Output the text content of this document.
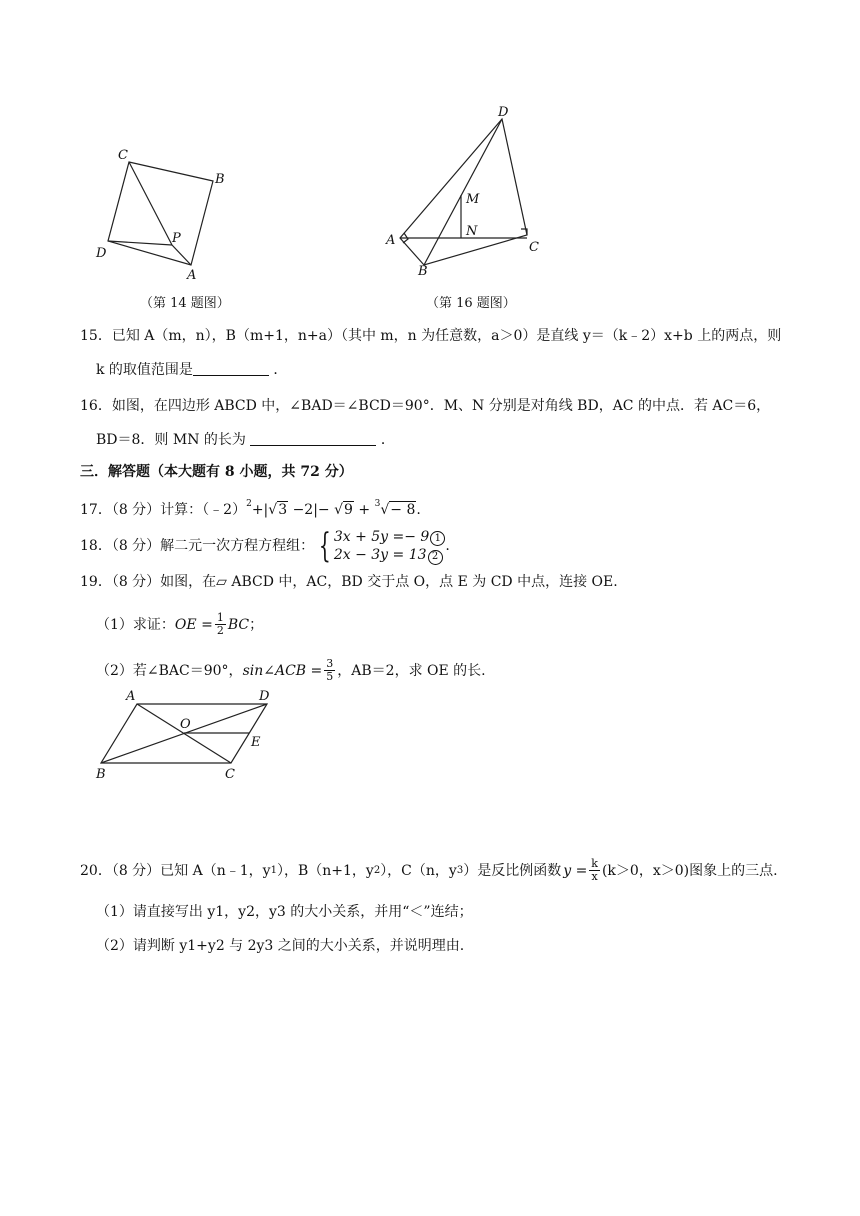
C
B
D
P
A
（第 14 题图）
D
M
N
A	C
B
（第 16 题图）
15．已知 A（m，n），B（m+1，n+a）（其中 m，n 为任意数，a＞0）是直线 y＝（k﹣2）x+b 上的两点，则
k 的取值范围是	．
16．如图，在四边形 ABCD 中，∠BAD＝∠BCD＝90°．M、N 分别是对角线 BD，AC 的中点．若 AC＝6，
BD＝8．则 MN 的长为	．
三．解答题（本大题有 8 小题，共 72 分）
17．（8 分）计算：（﹣2）$^2$+|√3 −2|− √9 + $^3$√− 8.
18．（8 分）解二元一次方程方程组： { 3x + 5y =− 9 1
2x − 3y = 13 2
.
19．（8 分）如图，在▱ ABCD 中，AC，BD 交于点 O，点 E 为 CD 中点，连接 OE.
（1）求证： OE = $\frac{1}{2}$ BC ；
（2）若∠BAC＝90°， sin∠ACB = $\frac{3}{5}$ ，AB＝2，求 OE 的长.
A	D
O
E
B	C
20．（8 分）已知 A（n﹣1，y 1 ），B（n+1，y 2 ），C（n，y 3 ）是反比例函数 $y = \frac{k}{x} (k>0$，x＞0) 图象上的三点.
（1）请直接写出 y1，y2，y3 的大小关系，并用“＜”连结；
（2）请判断 y1+y2 与 2y3 之间的大小关系，并说明理由.
